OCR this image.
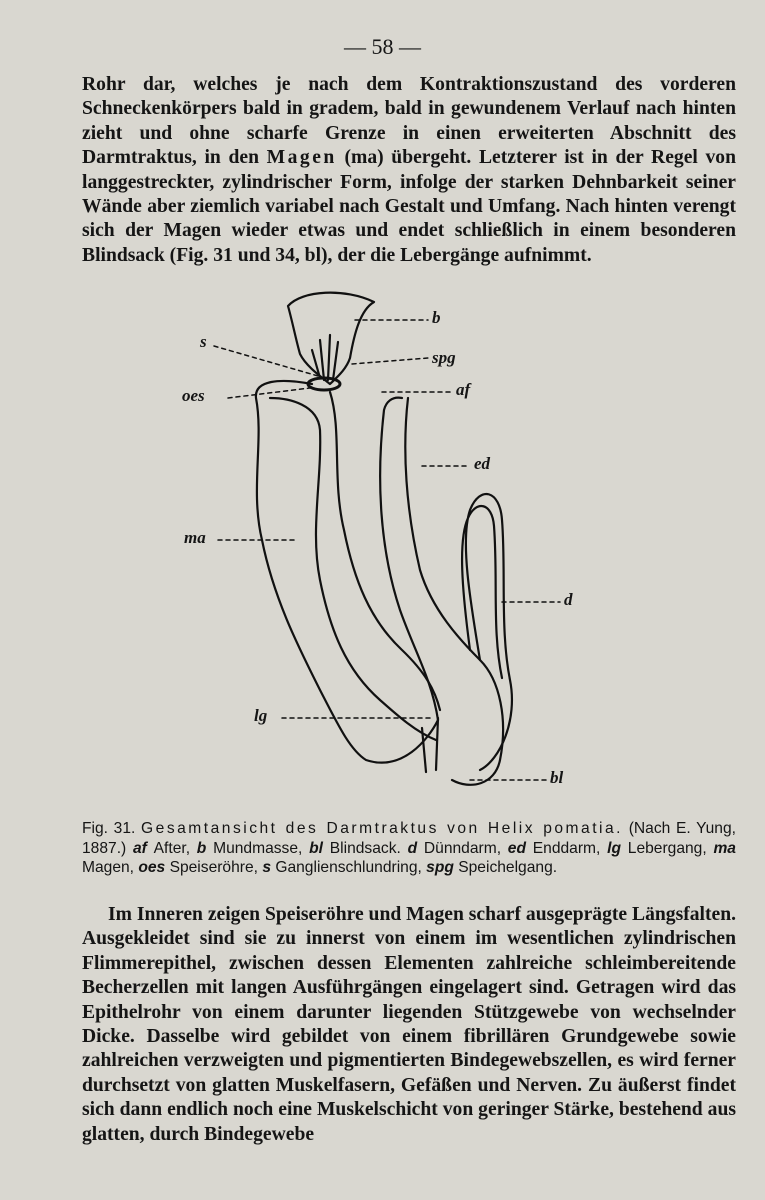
— 58 —
Rohr dar, welches je nach dem Kontraktionszustand des vorderen Schneckenkörpers bald in gradem, bald in gewundenem Verlauf nach hinten zieht und ohne scharfe Grenze in einen erweiterten Abschnitt des Darmtraktus, in den Magen (ma) übergeht. Letzterer ist in der Regel von langgestreckter, zylindrischer Form, infolge der starken Dehnbarkeit seiner Wände aber ziemlich variabel nach Gestalt und Umfang. Nach hinten verengt sich der Magen wieder etwas und endet schließlich in einem besonderen Blindsack (Fig. 31 und 34, bl), der die Lebergänge aufnimmt.
b
s
spg
oes	af
ed
ma
d
lg
bl
Fig. 31. Gesamtansicht des Darmtraktus von Helix pomatia. (Nach E. Yung, 1887.) af After, b Mundmasse, bl Blindsack. d Dünndarm, ed Enddarm, lg Lebergang, ma Magen, oes Speiseröhre, s Ganglienschlundring, spg Speichelgang.
Im Inneren zeigen Speiseröhre und Magen scharf ausgeprägte Längsfalten. Ausgekleidet sind sie zu innerst von einem im wesentlichen zylindrischen Flimmerepithel, zwischen dessen Elementen zahlreiche schleimbereitende Becherzellen mit langen Ausführgängen eingelagert sind. Getragen wird das Epithelrohr von einem darunter liegenden Stützgewebe von wechselnder Dicke. Dasselbe wird gebildet von einem fibrillären Grundgewebe sowie zahlreichen verzweigten und pigmentierten Bindegewebszellen, es wird ferner durchsetzt von glatten Muskelfasern, Gefäßen und Nerven. Zu äußerst findet sich dann endlich noch eine Muskelschicht von geringer Stärke, bestehend aus glatten, durch Bindegewebe
